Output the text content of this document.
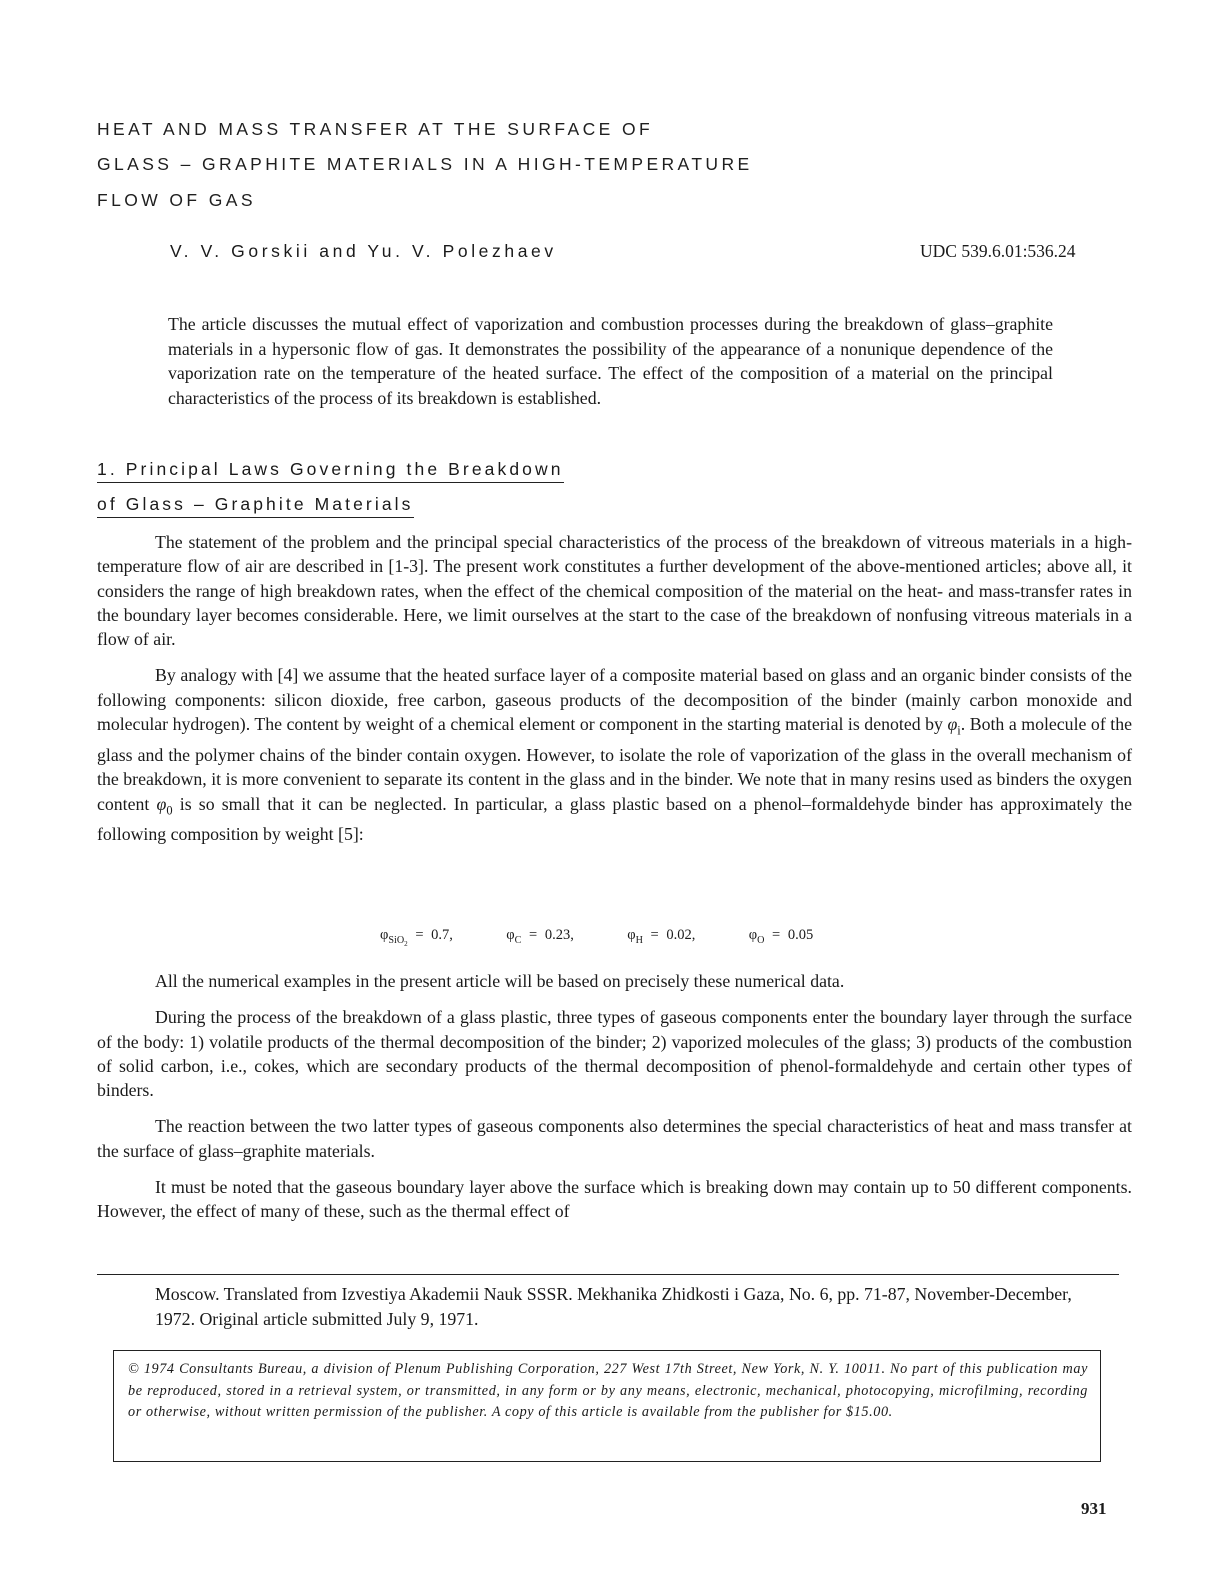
HEAT AND MASS TRANSFER AT THE SURFACE OF
GLASS – GRAPHITE MATERIALS IN A HIGH-TEMPERATURE
FLOW OF GAS
V. V. Gorskii and Yu. V. Polezhaev	UDC 539.6.01:536.24
The article discusses the mutual effect of vaporization and combustion processes during the breakdown of glass–graphite materials in a hypersonic flow of gas. It demonstrates the possibility of the appearance of a nonunique dependence of the vaporization rate on the temperature of the heated surface. The effect of the composition of a material on the principal characteristics of the process of its breakdown is established.
1. Principal Laws Governing the Breakdown
of Glass – Graphite Materials

The statement of the problem and the principal special characteristics of the process of the breakdown of vitreous materials in a high-temperature flow of air are described in [1-3]. The present work constitutes a further development of the above-mentioned articles; above all, it considers the range of high breakdown rates, when the effect of the chemical composition of the material on the heat- and mass-transfer rates in the boundary layer becomes considerable. Here, we limit ourselves at the start to the case of the breakdown of nonfusing vitreous materials in a flow of air.

By analogy with [4] we assume that the heated surface layer of a composite material based on glass and an organic binder consists of the following components: silicon dioxide, free carbon, gaseous products of the decomposition of the binder (mainly carbon monoxide and molecular hydrogen). The content by weight of a chemical element or component in the starting material is denoted by $\varphi_i$. Both a molecule of the glass and the polymer chains of the binder contain oxygen. However, to isolate the role of vaporization of the glass in the overall mechanism of the breakdown, it is more convenient to separate its content in the glass and in the binder. We note that in many resins used as binders the oxygen content $\varphi_0$ is so small that it can be neglected. In particular, a glass plastic based on a phenol–formaldehyde binder has approximately the following composition by weight [5]:

$\varphi_{SiO_2} = 0.7$,	$\varphi_C = 0.23$,	$\varphi_H = 0.02$,	$\varphi_O = 0.05$

All the numerical examples in the present article will be based on precisely these numerical data.

During the process of the breakdown of a glass plastic, three types of gaseous components enter the boundary layer through the surface of the body: 1) volatile products of the thermal decomposition of the binder; 2) vaporized molecules of the glass; 3) products of the combustion of solid carbon, i.e., cokes, which are secondary products of the thermal decomposition of phenol-formaldehyde and certain other types of binders.

The reaction between the two latter types of gaseous components also determines the special characteristics of heat and mass transfer at the surface of glass–graphite materials.

It must be noted that the gaseous boundary layer above the surface which is breaking down may contain up to 50 different components. However, the effect of many of these, such as the thermal effect of

Moscow. Translated from Izvestiya Akademii Nauk SSSR. Mekhanika Zhidkosti i Gaza, No. 6, pp. 71-87, November-December, 1972. Original article submitted July 9, 1971.
© 1974 Consultants Bureau, a division of Plenum Publishing Corporation, 227 West 17th Street, New York, N. Y. 10011. No part of this publication may be reproduced, stored in a retrieval system, or transmitted, in any form or by any means, electronic, mechanical, photocopying, microfilming, recording or otherwise, without written permission of the publisher. A copy of this article is available from the publisher for $15.00.
931
